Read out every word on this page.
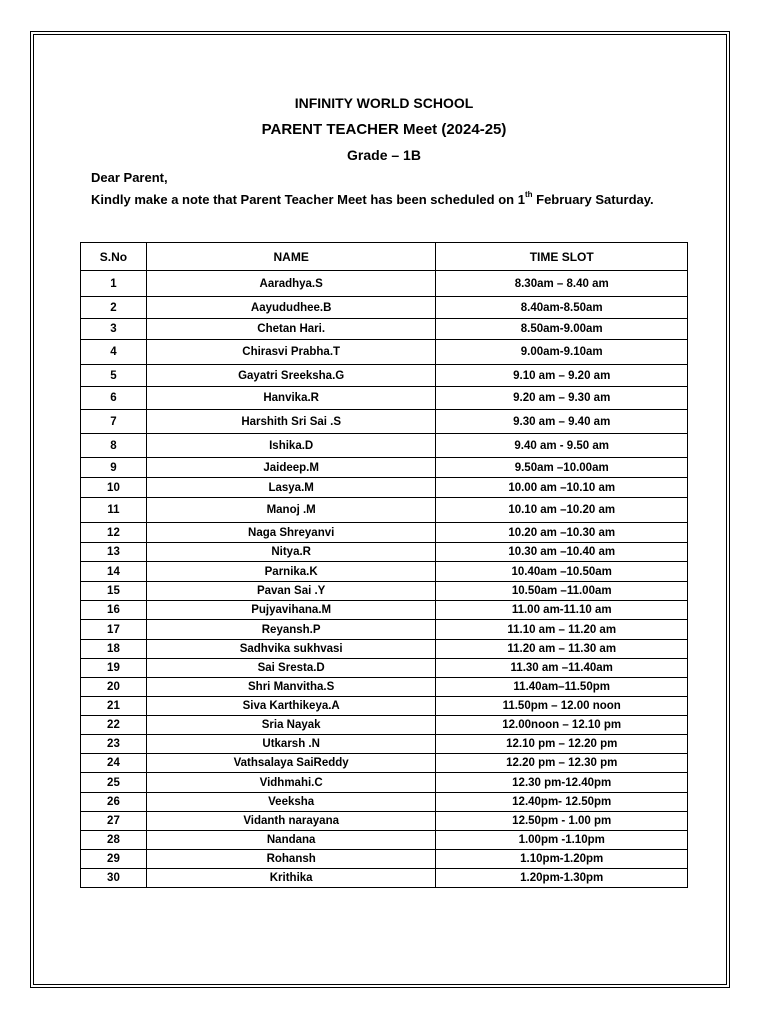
INFINITY WORLD SCHOOL
PARENT TEACHER Meet (2024-25)
Grade – 1B
Dear Parent,
Kindly make a note that Parent Teacher Meet has been scheduled on 1th February Saturday.
S.No	NAME	TIME SLOT
1	Aaradhya.S	8.30am – 8.40 am
2	Aayududhee.B	8.40am-8.50am
3	Chetan Hari.	8.50am-9.00am
4	Chirasvi Prabha.T	9.00am-9.10am
5	Gayatri Sreeksha.G	9.10 am – 9.20 am
6	Hanvika.R	9.20 am – 9.30 am
7	Harshith Sri Sai .S	9.30 am – 9.40 am
8	Ishika.D	9.40 am - 9.50 am
9	Jaideep.M	9.50am –10.00am
10	Lasya.M	10.00 am –10.10 am
11	Manoj .M	10.10 am –10.20 am
12	Naga Shreyanvi	10.20 am –10.30 am
13	Nitya.R	10.30 am –10.40 am
14	Parnika.K	10.40am –10.50am
15	Pavan Sai .Y	10.50am –11.00am
16	Pujyavihana.M	11.00 am-11.10 am
17	Reyansh.P	11.10 am – 11.20 am
18	Sadhvika sukhvasi	11.20 am – 11.30 am
19	Sai Sresta.D	11.30 am –11.40am
20	Shri Manvitha.S	11.40am–11.50pm
21	Siva Karthikeya.A	11.50pm – 12.00 noon
22	Sria Nayak	12.00noon – 12.10 pm
23	Utkarsh .N	12.10 pm – 12.20 pm
24	Vathsalaya SaiReddy	12.20 pm – 12.30 pm
25	Vidhmahi.C	12.30 pm-12.40pm
26	Veeksha	12.40pm- 12.50pm
27	Vidanth narayana	12.50pm - 1.00 pm
28	Nandana	1.00pm -1.10pm
29	Rohansh	1.10pm-1.20pm
30	Krithika	1.20pm-1.30pm
